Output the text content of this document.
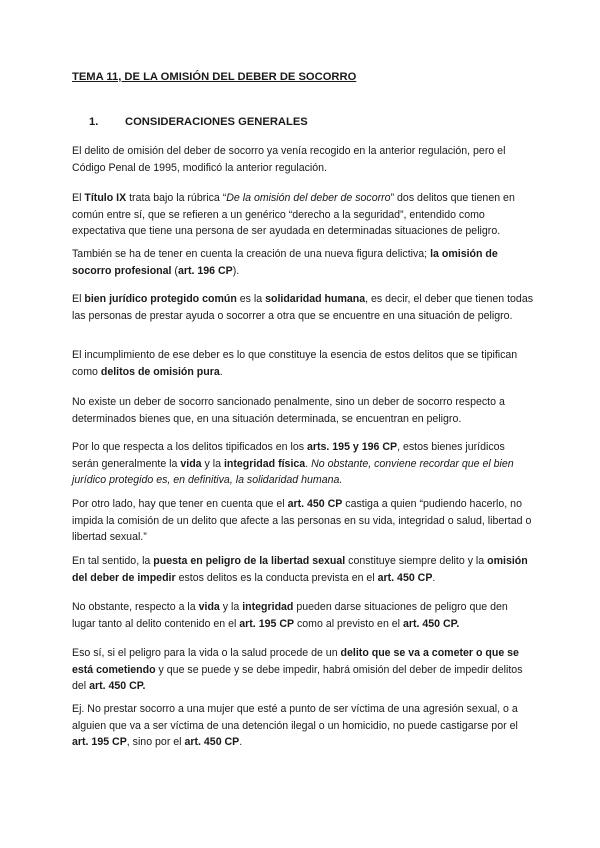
TEMA 11, DE LA OMISIÓN DEL DEBER DE SOCORRO
1. CONSIDERACIONES GENERALES

El delito de omisión del deber de socorro ya venía recogido en la anterior regulación, pero el Código Penal de 1995, modificó la anterior regulación.

El Título IX trata bajo la rúbrica “De la omisión del deber de socorro” dos delitos que tienen en común entre sí, que se refieren a un genérico “derecho a la seguridad”, entendido como expectativa que tiene una persona de ser ayudada en determinadas situaciones de peligro.

También se ha de tener en cuenta la creación de una nueva figura delictiva; la omisión de socorro profesional (art. 196 CP).

El bien jurídico protegido común es la solidaridad humana, es decir, el deber que tienen todas las personas de prestar ayuda o socorrer a otra que se encuentre en una situación de peligro.

El incumplimiento de ese deber es lo que constituye la esencia de estos delitos que se tipifican como delitos de omisión pura.

No existe un deber de socorro sancionado penalmente, sino un deber de socorro respecto a determinados bienes que, en una situación determinada, se encuentran en peligro.

Por lo que respecta a los delitos tipificados en los arts. 195 y 196 CP, estos bienes jurídicos serán generalmente la vida y la integridad física. No obstante, conviene recordar que el bien jurídico protegido es, en definitiva, la solidaridad humana.

Por otro lado, hay que tener en cuenta que el art. 450 CP castiga a quien “pudiendo hacerlo, no impida la comisión de un delito que afecte a las personas en su vida, integridad o salud, libertad o libertad sexual.”

En tal sentido, la puesta en peligro de la libertad sexual constituye siempre delito y la omisión del deber de impedir estos delitos es la conducta prevista en el art. 450 CP.

No obstante, respecto a la vida y la integridad pueden darse situaciones de peligro que den lugar tanto al delito contenido en el art. 195 CP como al previsto en el art. 450 CP.

Eso sí, si el peligro para la vida o la salud procede de un delito que se va a cometer o que se está cometiendo y que se puede y se debe impedir, habrá omisión del deber de impedir delitos del art. 450 CP.

Ej. No prestar socorro a una mujer que esté a punto de ser víctima de una agresión sexual, o a alguien que va a ser víctima de una detención ilegal o un homicidio, no puede castigarse por el art. 195 CP, sino por el art. 450 CP.
